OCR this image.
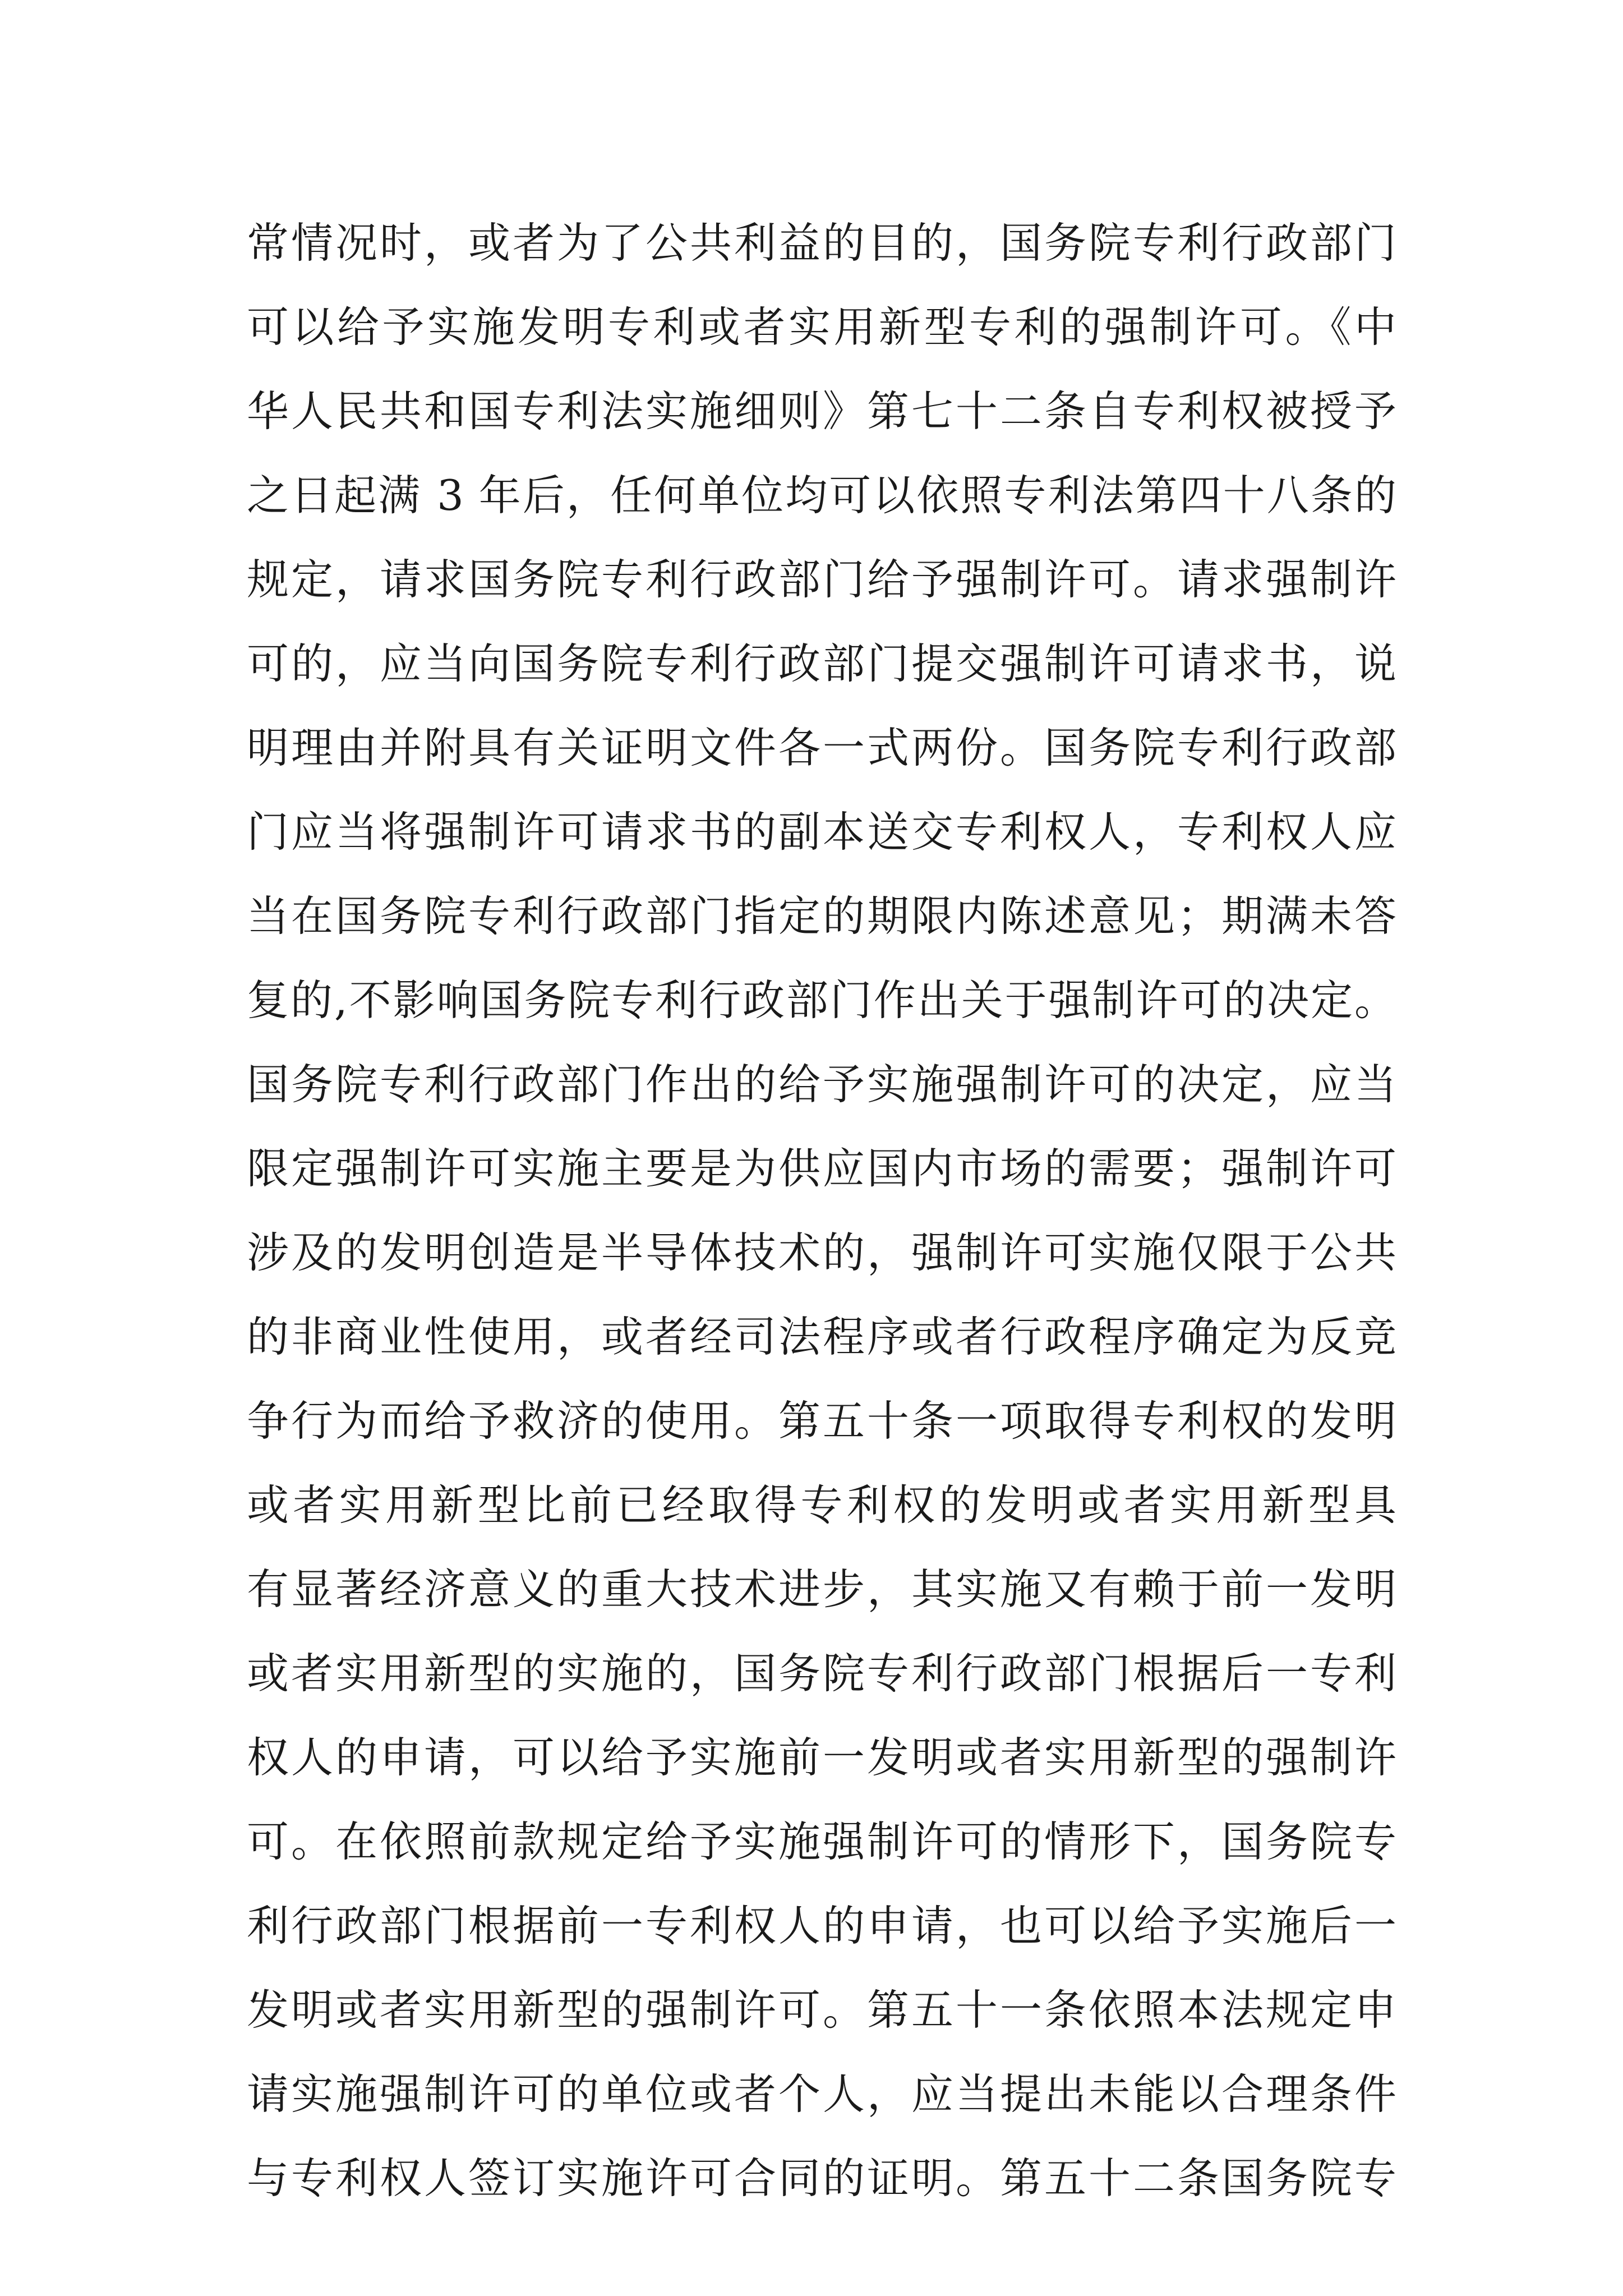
常情况时，或者为了公共利益的目的，国务院专利行政部门
可以给予实施发明专利或者实用新型专利的强制许可。《中
华人民共和国专利法实施细则》第七十二条自专利权被授予
之日起满 3 年后，任何单位均可以依照专利法第四十八条的
规定，请求国务院专利行政部门给予强制许可。请求强制许
可的，应当向国务院专利行政部门提交强制许可请求书，说
明理由并附具有关证明文件各一式两份。国务院专利行政部
门应当将强制许可请求书的副本送交专利权人，专利权人应
当在国务院专利行政部门指定的期限内陈述意见；期满未答
复的,不影响国务院专利行政部门作出关于强制许可的决定。
国务院专利行政部门作出的给予实施强制许可的决定，应当
限定强制许可实施主要是为供应国内市场的需要；强制许可
涉及的发明创造是半导体技术的，强制许可实施仅限于公共
的非商业性使用，或者经司法程序或者行政程序确定为反竞
争行为而给予救济的使用。第五十条一项取得专利权的发明
或者实用新型比前已经取得专利权的发明或者实用新型具
有显著经济意义的重大技术进步，其实施又有赖于前一发明
或者实用新型的实施的，国务院专利行政部门根据后一专利
权人的申请，可以给予实施前一发明或者实用新型的强制许
可。在依照前款规定给予实施强制许可的情形下，国务院专
利行政部门根据前一专利权人的申请，也可以给予实施后一
发明或者实用新型的强制许可。第五十一条依照本法规定申
请实施强制许可的单位或者个人，应当提出未能以合理条件
与专利权人签订实施许可合同的证明。第五十二条国务院专
